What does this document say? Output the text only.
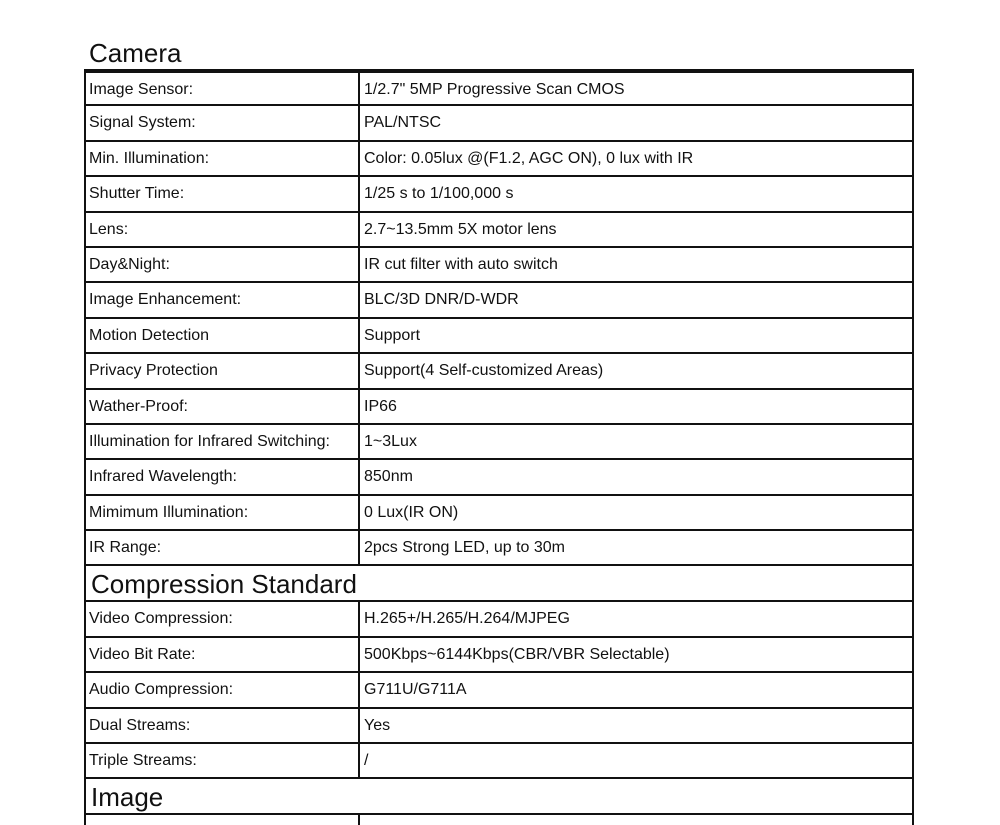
Camera
Image Sensor:	1/2.7" 5MP Progressive Scan CMOS
Signal System:	PAL/NTSC
Min. Illumination:	Color: 0.05lux @(F1.2, AGC ON), 0 lux with IR
Shutter Time:	1/25 s to 1/100,000 s
Lens:	2.7~13.5mm 5X motor lens
Day&Night:	IR cut filter with auto switch
Image Enhancement:	BLC/3D DNR/D-WDR
Motion Detection	Support
Privacy Protection	Support(4 Self-customized Areas)
Wather-Proof:	IP66
Illumination for Infrared Switching:	1~3Lux
Infrared Wavelength:	850nm
Mimimum Illumination:	0 Lux(IR ON)
IR Range:	2pcs Strong LED, up to 30m
Compression Standard
Video Compression:	H.265+/H.265/H.264/MJPEG
Video Bit Rate:	500Kbps~6144Kbps(CBR/VBR Selectable)
Audio Compression:	G711U/G711A
Dual Streams:	Yes
Triple Streams:	/
Image
